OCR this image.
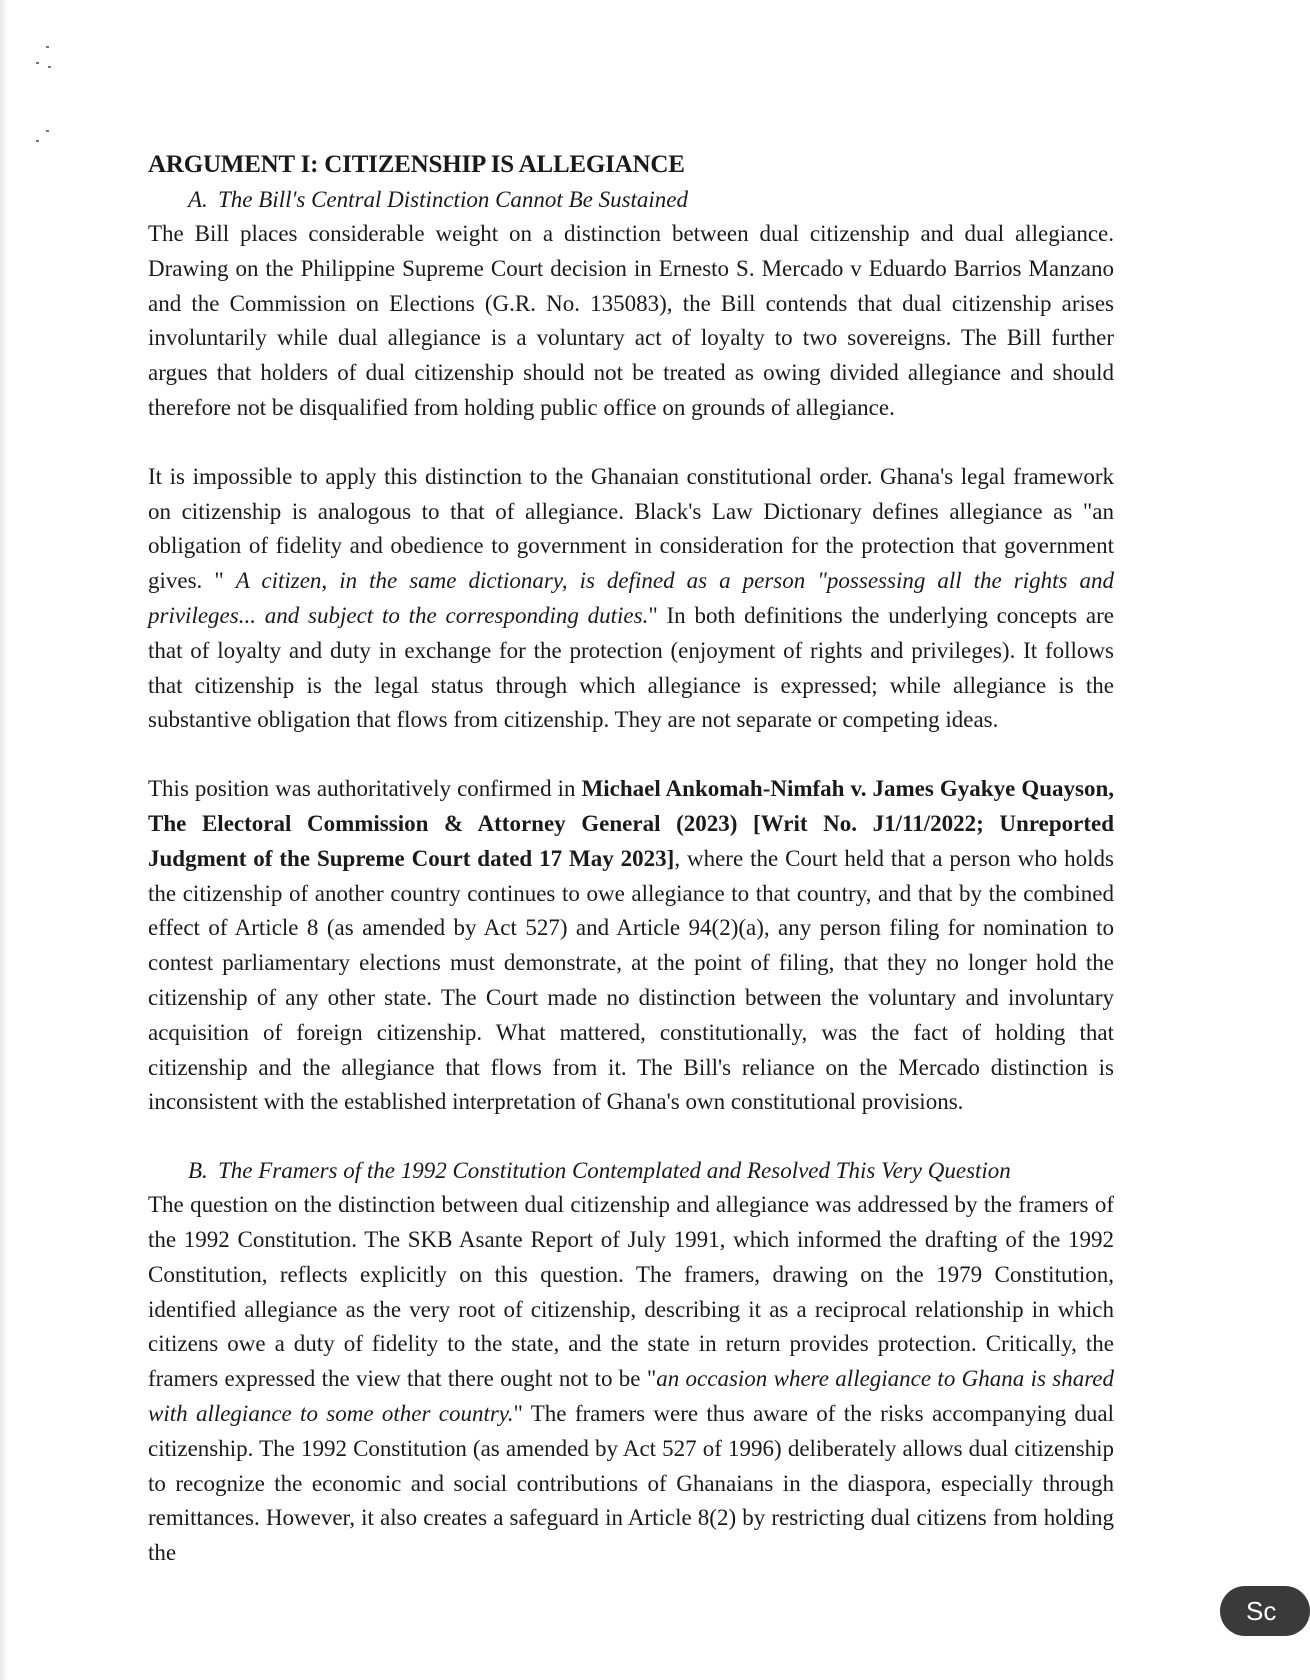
ARGUMENT I: CITIZENSHIP IS ALLEGIANCE
A. The Bill's Central Distinction Cannot Be Sustained

The Bill places considerable weight on a distinction between dual citizenship and dual allegiance. Drawing on the Philippine Supreme Court decision in Ernesto S. Mercado v Eduardo Barrios Manzano and the Commission on Elections (G.R. No. 135083), the Bill contends that dual citizenship arises involuntarily while dual allegiance is a voluntary act of loyalty to two sovereigns. The Bill further argues that holders of dual citizenship should not be treated as owing divided allegiance and should therefore not be disqualified from holding public office on grounds of allegiance.

It is impossible to apply this distinction to the Ghanaian constitutional order. Ghana's legal framework on citizenship is analogous to that of allegiance. Black's Law Dictionary defines allegiance as "an obligation of fidelity and obedience to government in consideration for the protection that government gives. " A citizen, in the same dictionary, is defined as a person "possessing all the rights and privileges... and subject to the corresponding duties." In both definitions the underlying concepts are that of loyalty and duty in exchange for the protection (enjoyment of rights and privileges). It follows that citizenship is the legal status through which allegiance is expressed; while allegiance is the substantive obligation that flows from citizenship. They are not separate or competing ideas.

This position was authoritatively confirmed in Michael Ankomah-Nimfah v. James Gyakye Quayson, The Electoral Commission & Attorney General (2023) [Writ No. J1/11/2022; Unreported Judgment of the Supreme Court dated 17 May 2023], where the Court held that a person who holds the citizenship of another country continues to owe allegiance to that country, and that by the combined effect of Article 8 (as amended by Act 527) and Article 94(2)(a), any person filing for nomination to contest parliamentary elections must demonstrate, at the point of filing, that they no longer hold the citizenship of any other state. The Court made no distinction between the voluntary and involuntary acquisition of foreign citizenship. What mattered, constitutionally, was the fact of holding that citizenship and the allegiance that flows from it. The Bill's reliance on the Mercado distinction is inconsistent with the established interpretation of Ghana's own constitutional provisions.

B. The Framers of the 1992 Constitution Contemplated and Resolved This Very Question

The question on the distinction between dual citizenship and allegiance was addressed by the framers of the 1992 Constitution. The SKB Asante Report of July 1991, which informed the drafting of the 1992 Constitution, reflects explicitly on this question. The framers, drawing on the 1979 Constitution, identified allegiance as the very root of citizenship, describing it as a reciprocal relationship in which citizens owe a duty of fidelity to the state, and the state in return provides protection. Critically, the framers expressed the view that there ought not to be "an occasion where allegiance to Ghana is shared with allegiance to some other country." The framers were thus aware of the risks accompanying dual citizenship. The 1992 Constitution (as amended by Act 527 of 1996) deliberately allows dual citizenship to recognize the economic and social contributions of Ghanaians in the diaspora, especially through remittances. However, it also creates a safeguard in Article 8(2) by restricting dual citizens from holding the

Sc
